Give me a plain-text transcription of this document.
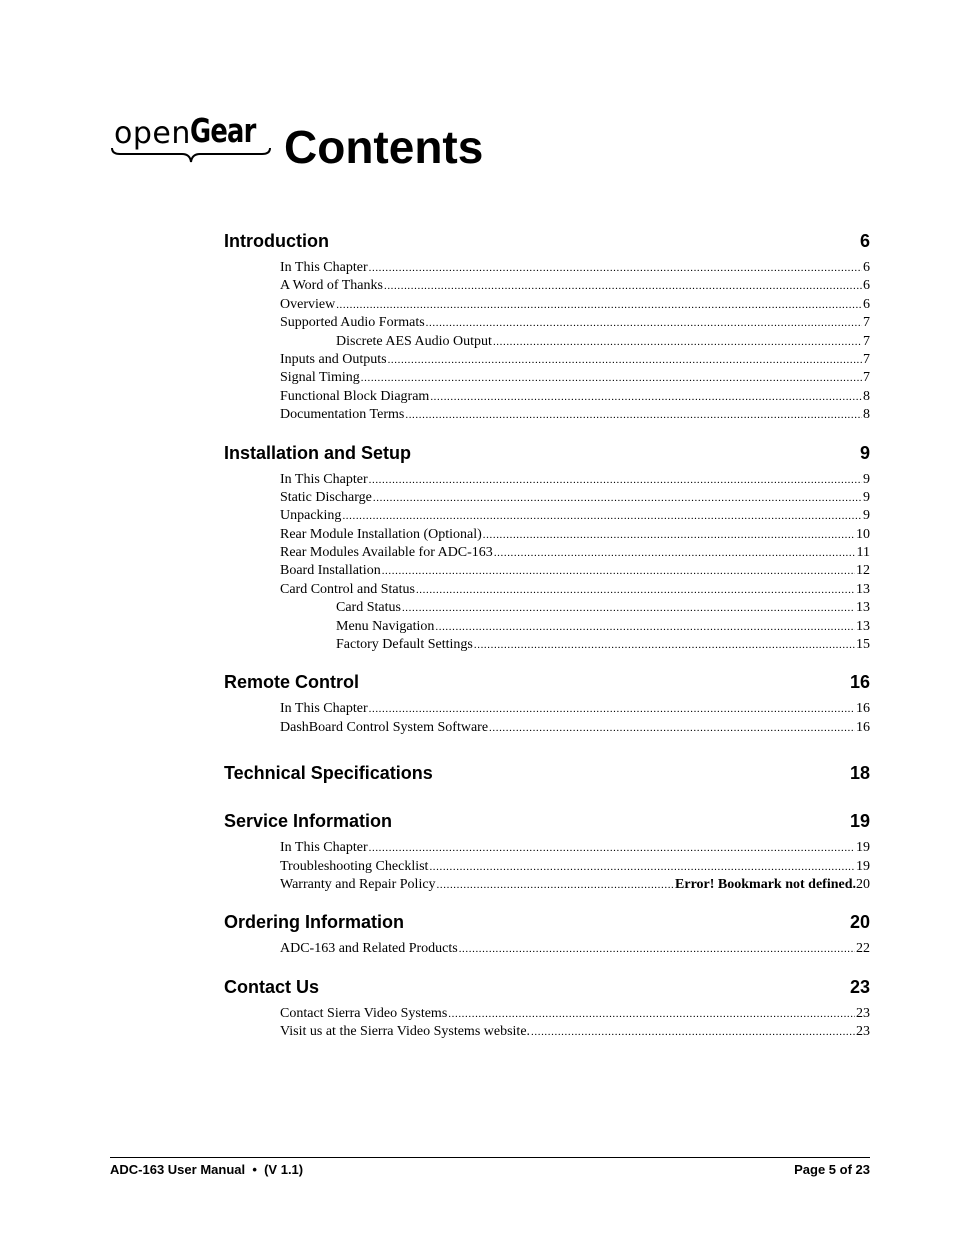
open Gear Contents
Introduction	6
In This Chapter .....	6
A Word of Thanks .....	6
Overview .....	6
Supported Audio Formats .....	7
Discrete AES Audio Output .....	7
Inputs and Outputs .....	7
Signal Timing .....	7
Functional Block Diagram .....	8
Documentation Terms .....	8
Installation and Setup	9
In This Chapter .....	9
Static Discharge .....	9
Unpacking .....	9
Rear Module Installation (Optional) .....	10
Rear Modules Available for ADC-163 .....	11
Board Installation .....	12
Card Control and Status .....	13
Card Status .....	13
Menu Navigation .....	13
Factory Default Settings .....	15
Remote Control	16
In This Chapter .....	16
DashBoard Control System Software .....	16
Technical Specifications	18
Service Information	19
In This Chapter .....	19
Troubleshooting Checklist .....	19
Warranty and Repair Policy .....	Error! Bookmark not defined. 20
Ordering Information	20
ADC-163 and Related Products .....	22
Contact Us	23
Contact Sierra Video Systems .....	23
Visit us at the Sierra Video Systems website. .....	23
ADC-163 User Manual  •  (V 1.1)	Page 5 of 23
